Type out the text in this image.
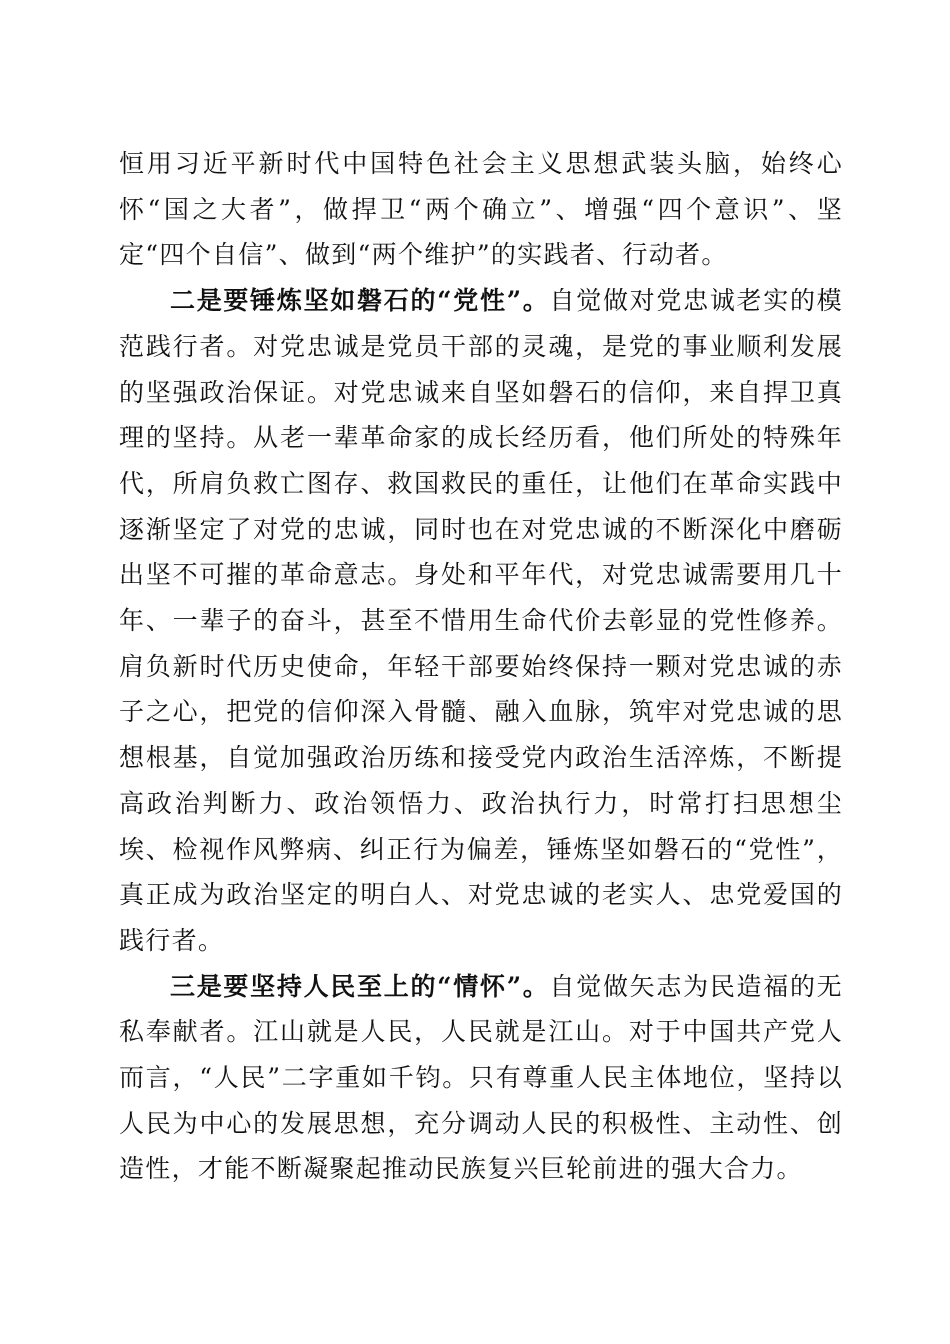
恒用习近平新时代中国特色社会主义思想武装头脑，始终心怀“国之大者”，做捍卫“两个确立”、增强“四个意识”、坚定“四个自信”、做到“两个维护”的实践者、行动者。

二是要锤炼坚如磐石的“党性”。自觉做对党忠诚老实的模范践行者。对党忠诚是党员干部的灵魂，是党的事业顺利发展的坚强政治保证。对党忠诚来自坚如磐石的信仰，来自捍卫真理的坚持。从老一辈革命家的成长经历看，他们所处的特殊年代，所肩负救亡图存、救国救民的重任，让他们在革命实践中逐渐坚定了对党的忠诚，同时也在对党忠诚的不断深化中磨砺出坚不可摧的革命意志。身处和平年代，对党忠诚需要用几十年、一辈子的奋斗，甚至不惜用生命代价去彰显的党性修养。肩负新时代历史使命，年轻干部要始终保持一颗对党忠诚的赤子之心，把党的信仰深入骨髓、融入血脉，筑牢对党忠诚的思想根基，自觉加强政治历练和接受党内政治生活淬炼，不断提高政治判断力、政治领悟力、政治执行力，时常打扫思想尘埃、检视作风弊病、纠正行为偏差，锤炼坚如磐石的“党性”，真正成为政治坚定的明白人、对党忠诚的老实人、忠党爱国的践行者。

三是要坚持人民至上的“情怀”。自觉做矢志为民造福的无私奉献者。江山就是人民，人民就是江山。对于中国共产党人而言，“人民”二字重如千钧。只有尊重人民主体地位，坚持以人民为中心的发展思想，充分调动人民的积极性、主动性、创造性，才能不断凝聚起推动民族复兴巨轮前进的强大合力。
